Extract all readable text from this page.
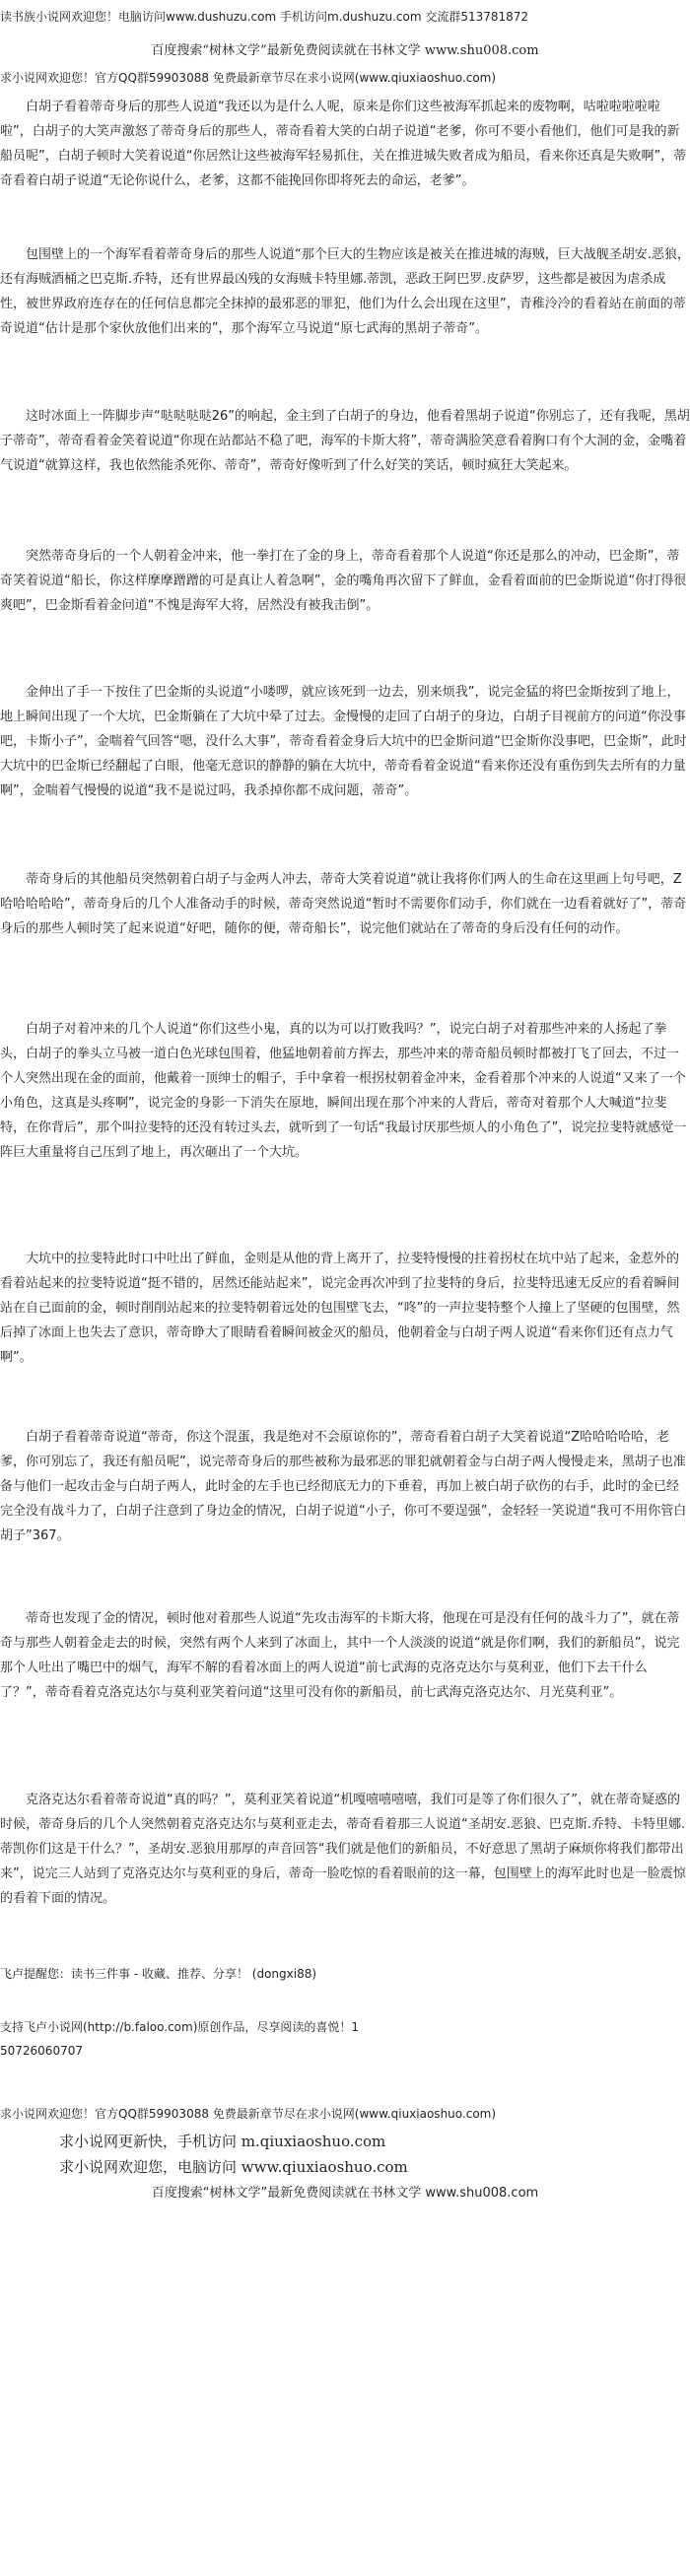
读书族小说网欢迎您！电脑访问www.dushuzu.com 手机访问m.dushuzu.com 交流群513781872
百度搜索“树林文学”最新免费阅读就在书林文学 www.shu008.com
求小说网欢迎您！官方QQ群59903088 免费最新章节尽在求小说网(www.qiuxiaoshuo.com)
白胡子看着蒂奇身后的那些人说道“我还以为是什么人呢，原来是你们这些被海军抓起来的废物啊，咕啦啦啦啦啦啦”，白胡子的大笑声激怒了蒂奇身后的那些人，蒂奇看着大笑的白胡子说道“老爹，你可不要小看他们，他们可是我的新船员呢”，白胡子顿时大笑着说道“你居然让这些被海军轻易抓住，关在推进城失败者成为船员，看来你还真是失败啊”，蒂奇看着白胡子说道“无论你说什么，老爹，这都不能挽回你即将死去的命运，老爹”。
包围壁上的一个海军看着蒂奇身后的那些人说道“那个巨大的生物应该是被关在推进城的海贼，巨大战舰圣胡安.恶狼，还有海贼酒桶之巴克斯.乔特，还有世界最凶残的女海贼卡特里娜.蒂凯，恶政王阿巴罗.皮萨罗，这些都是被因为虐杀成性，被世界政府连存在的任何信息都完全抹掉的最邪恶的罪犯，他们为什么会出现在这里”，青稚泠冷的看着站在前面的蒂奇说道“估计是那个家伙放他们出来的”，那个海军立马说道“原七武海的黑胡子蒂奇”。
这时冰面上一阵脚步声“哒哒哒哒26”的响起，金主到了白胡子的身边，他看着黑胡子说道“你别忘了，还有我呢，黑胡子蒂奇”，蒂奇看着金笑着说道“你现在站都站不稳了吧，海军的卡斯大将”，蒂奇满脸笑意看着胸口有个大洞的金，金嘴着气说道“就算这样，我也依然能杀死你、蒂奇”，蒂奇好像听到了什么好笑的笑话，顿时疯狂大笑起来。
突然蒂奇身后的一个人朝着金冲来，他一拳打在了金的身上，蒂奇看着那个人说道“你还是那么的冲动，巴金斯”，蒂奇笑着说道“船长，你这样摩摩蹭蹭的可是真让人着急啊”，金的嘴角再次留下了鲜血，金看着面前的巴金斯说道“你打得很爽吧”，巴金斯看着金问道“不愧是海军大将，居然没有被我击倒”。
金伸出了手一下按住了巴金斯的头说道“小喽啰，就应该死到一边去，别来烦我”，说完金猛的将巴金斯按到了地上，地上瞬间出现了一个大坑，巴金斯躺在了大坑中晕了过去。金慢慢的走回了白胡子的身边，白胡子目视前方的问道“你没事吧，卡斯小子”，金喘着气回答“嗯，没什么大事”，蒂奇看着金身后大坑中的巴金斯问道“巴金斯你没事吧，巴金斯”，此时大坑中的巴金斯已经翻起了白眼，他毫无意识的静静的躺在大坑中，蒂奇看着金说道“看来你还没有重伤到失去所有的力量啊”，金喘着气慢慢的说道“我不是说过吗，我杀掉你都不成问题，蒂奇”。
蒂奇身后的其他船员突然朝着白胡子与金两人冲去，蒂奇大笑着说道“就让我将你们两人的生命在这里画上句号吧，Z哈哈哈哈哈”，蒂奇身后的几个人准备动手的时候，蒂奇突然说道“暂时不需要你们动手，你们就在一边看着就好了”，蒂奇身后的那些人顿时笑了起来说道“好吧，随你的便，蒂奇船长”，说完他们就站在了蒂奇的身后没有任何的动作。
白胡子对着冲来的几个人说道“你们这些小鬼，真的以为可以打败我吗？”，说完白胡子对着那些冲来的人扬起了拳头，白胡子的拳头立马被一道白色光球包围着，他猛地朝着前方挥去，那些冲来的蒂奇船员顿时都被打飞了回去，不过一个人突然出现在金的面前，他戴着一顶绅士的帽子，手中拿着一根拐杖朝着金冲来，金看着那个冲来的人说道“又来了一个小角色，这真是头疼啊”，说完金的身影一下消失在原地，瞬间出现在那个冲来的人背后，蒂奇对着那个人大喊道“拉斐特，在你背后”，那个叫拉斐特的还没有转过头去，就听到了一句话“我最讨厌那些烦人的小角色了”，说完拉斐特就感觉一阵巨大重量将自己压到了地上，再次砸出了一个大坑。
大坑中的拉斐特此时口中吐出了鲜血，金则是从他的背上离开了，拉斐特慢慢的拄着拐杖在坑中站了起来，金惹外的看着站起来的拉斐特说道“挺不错的，居然还能站起来”，说完金再次冲到了拉斐特的身后，拉斐特迅速无反应的看着瞬间站在自己面前的金，顿时削削站起来的拉斐特朝着远处的包围壁飞去，“咚”的一声拉斐特整个人撞上了坚硬的包围壁，然后掉了冰面上也失去了意识，蒂奇睁大了眼睛看着瞬间被金灭的船员，他朝着金与白胡子两人说道“看来你们还有点力气啊”。
白胡子看着蒂奇说道“蒂奇，你这个混蛋，我是绝对不会原谅你的”，蒂奇看着白胡子大笑着说道“Z哈哈哈哈哈，老爹，你可别忘了，我还有船员呢”，说完蒂奇身后的那些被称为最邪恶的罪犯就朝着金与白胡子两人慢慢走来，黑胡子也准备与他们一起攻击金与白胡子两人，此时金的左手也已经彻底无力的下垂着，再加上被白胡子砍伤的右手，此时的金已经完全没有战斗力了，白胡子注意到了身边金的情况，白胡子说道“小子，你可不要逞强”，金轻轻一笑说道“我可不用你管白胡子”367。
蒂奇也发现了金的情况，顿时他对着那些人说道“先攻击海军的卡斯大将，他现在可是没有任何的战斗力了”，就在蒂奇与那些人朝着金走去的时候，突然有两个人来到了冰面上，其中一个人淡淡的说道“就是你们啊，我们的新船员”，说完那个人吐出了嘴巴中的烟气，海军不解的看着冰面上的两人说道“前七武海的克洛克达尔与莫利亚，他们下去干什么了？”，蒂奇看着克洛克达尔与莫利亚笑着问道“这里可没有你的新船员，前七武海克洛克达尔、月光莫利亚”。
克洛克达尔看着蒂奇说道“真的吗？”，莫利亚笑着说道“机嘎嘻嘻嘻嘻，我们可是等了你们很久了”，就在蒂奇疑惑的时候，蒂奇身后的几个人突然朝着克洛克达尔与莫利亚走去，蒂奇看着那三人说道“圣胡安.恶狼、巴克斯.乔特、卡特里娜.蒂凯你们这是干什么？”，圣胡安.恶狼用那厚的声音回答“我们就是他们的新船员，不好意思了黑胡子麻烦你将我们都带出来”，说完三人站到了克洛克达尔与莫利亚的身后，蒂奇一脸吃惊的看着眼前的这一幕，包围壁上的海军此时也是一脸震惊的看着下面的情况。
飞卢提醒您：读书三件事 - 收藏、推荐、分享！ (dongxi88)
支持飞卢小说网(http://b.faloo.com)原创作品，尽享阅读的喜悦！1
50726060707
求小说网欢迎您！官方QQ群59903088 免费最新章节尽在求小说网(www.qiuxiaoshuo.com)
求小说网更新快，手机访问 m.qiuxiaoshuo.com
求小说网欢迎您，电脑访问 www.qiuxiaoshuo.com
百度搜索“树林文学”最新免费阅读就在书林文学 www.shu008.com
